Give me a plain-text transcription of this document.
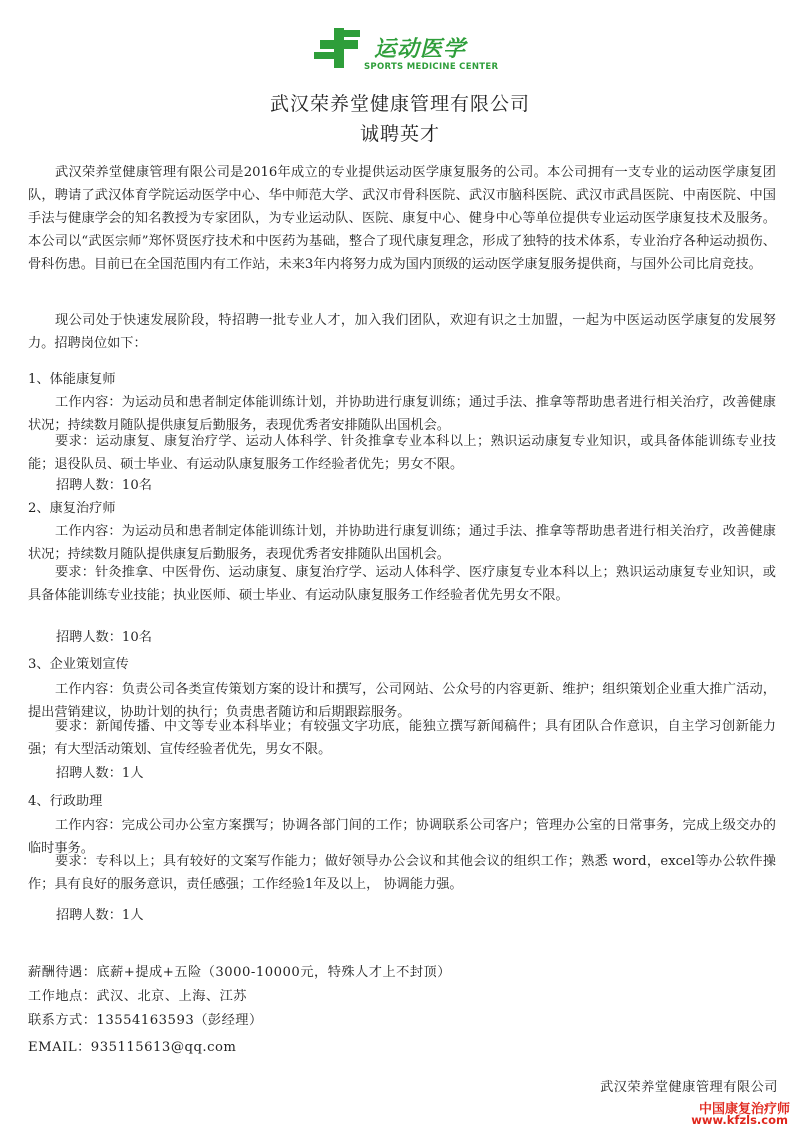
运动医学
SPORTS MEDICINE CENTER
武汉荣养堂健康管理有限公司
诚聘英才

武汉荣养堂健康管理有限公司是2016年成立的专业提供运动医学康复服务的公司。本公司拥有一支专业的运动医学康复团队，聘请了武汉体育学院运动医学中心、华中师范大学、武汉市骨科医院、武汉市脑科医院、武汉市武昌医院、中南医院、中国手法与健康学会的知名教授为专家团队，为专业运动队、医院、康复中心、健身中心等单位提供专业运动医学康复技术及服务。本公司以“武医宗师”郑怀贤医疗技术和中医药为基础，整合了现代康复理念，形成了独特的技术体系，专业治疗各种运动损伤、骨科伤患。目前已在全国范围内有工作站，未来3年内将努力成为国内顶级的运动医学康复服务提供商，与国外公司比肩竞技。

现公司处于快速发展阶段，特招聘一批专业人才，加入我们团队，欢迎有识之士加盟，一起为中医运动医学康复的发展努力。招聘岗位如下：

1、体能康复师

工作内容：为运动员和患者制定体能训练计划，并协助进行康复训练；通过手法、推拿等帮助患者进行相关治疗，改善健康状况；持续数月随队提供康复后勤服务，表现优秀者安排随队出国机会。

要求：运动康复、康复治疗学、运动人体科学、针灸推拿专业本科以上；熟识运动康复专业知识，或具备体能训练专业技能；退役队员、硕士毕业、有运动队康复服务工作经验者优先；男女不限。

招聘人数：10名
2、康复治疗师

工作内容：为运动员和患者制定体能训练计划，并协助进行康复训练；通过手法、推拿等帮助患者进行相关治疗，改善健康状况；持续数月随队提供康复后勤服务，表现优秀者安排随队出国机会。

要求：针灸推拿、中医骨伤、运动康复、康复治疗学、运动人体科学、医疗康复专业本科以上；熟识运动康复专业知识，或具备体能训练专业技能；执业医师、硕士毕业、有运动队康复服务工作经验者优先男女不限。

招聘人数：10名
3、企业策划宣传

工作内容：负责公司各类宣传策划方案的设计和撰写，公司网站、公众号的内容更新、维护；组织策划企业重大推广活动，提出营销建议，协助计划的执行；负责患者随访和后期跟踪服务。

要求：新闻传播、中文等专业本科毕业；有较强文字功底，能独立撰写新闻稿件；具有团队合作意识，自主学习创新能力强；有大型活动策划、宣传经验者优先，男女不限。

招聘人数：1人
4、行政助理

工作内容：完成公司办公室方案撰写；协调各部门间的工作；协调联系公司客户；管理办公室的日常事务，完成上级交办的临时事务。

要求：专科以上；具有较好的文案写作能力；做好领导办公会议和其他会议的组织工作；熟悉 word，excel等办公软件操作；具有良好的服务意识，责任感强；工作经验1年及以上， 协调能力强。

招聘人数：1人
薪酬待遇：底薪+提成+五险（3000-10000元，特殊人才上不封顶）
工作地点：武汉、北京、上海、江苏
联系方式：13554163593（彭经理）
EMAIL：935115613@qq.com
武汉荣养堂健康管理有限公司
中国康复治疗师
www.kfzls.com
